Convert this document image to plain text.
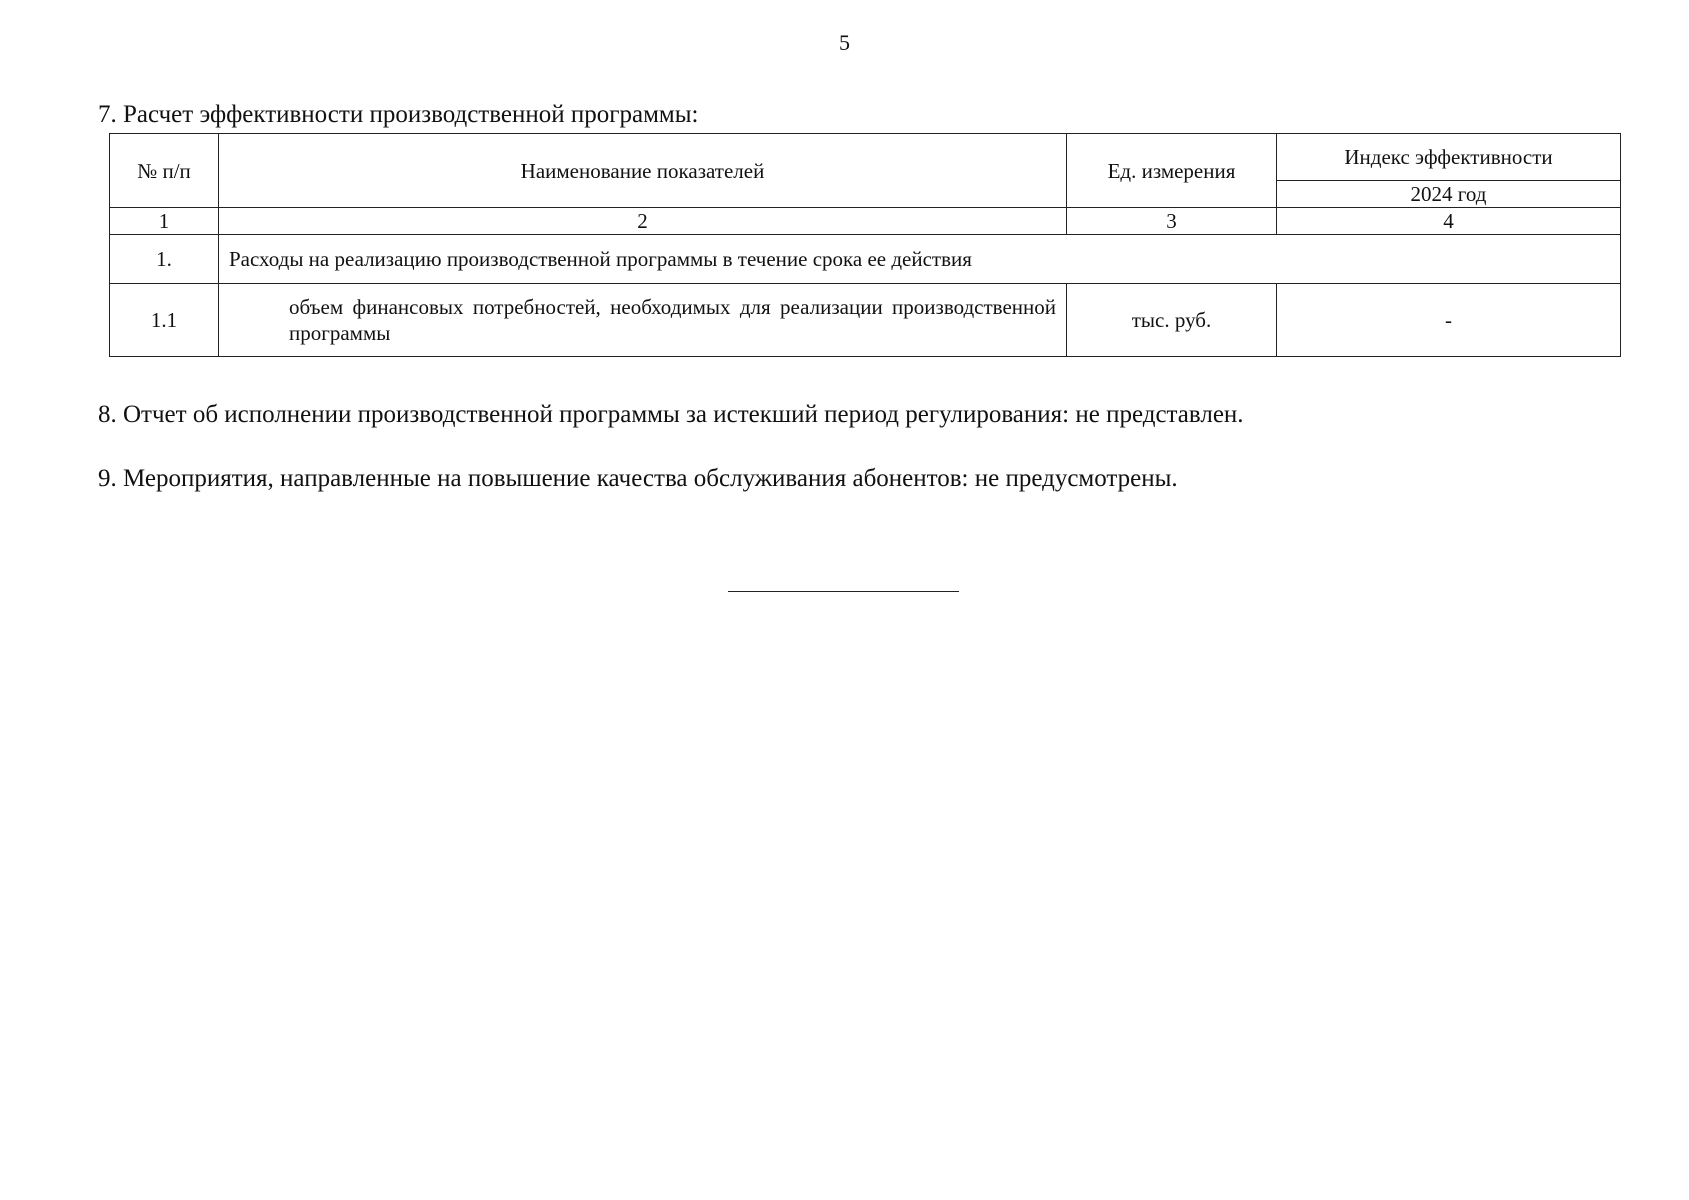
5
7. Расчет эффективности производственной программы:
№ п/п	Наименование показателей	Ед. измерения	Индекс эффективности
			2024 год
1	2	3	4
1.	Расходы на реализацию производственной программы в течение срока ее действия		
1.1	объем финансовых потребностей, необходимых для реализации производственной программы	тыс. руб.	-
8. Отчет об исполнении производственной программы за истекший период регулирования: не представлен.
9. Мероприятия, направленные на повышение качества обслуживания абонентов: не предусмотрены.
